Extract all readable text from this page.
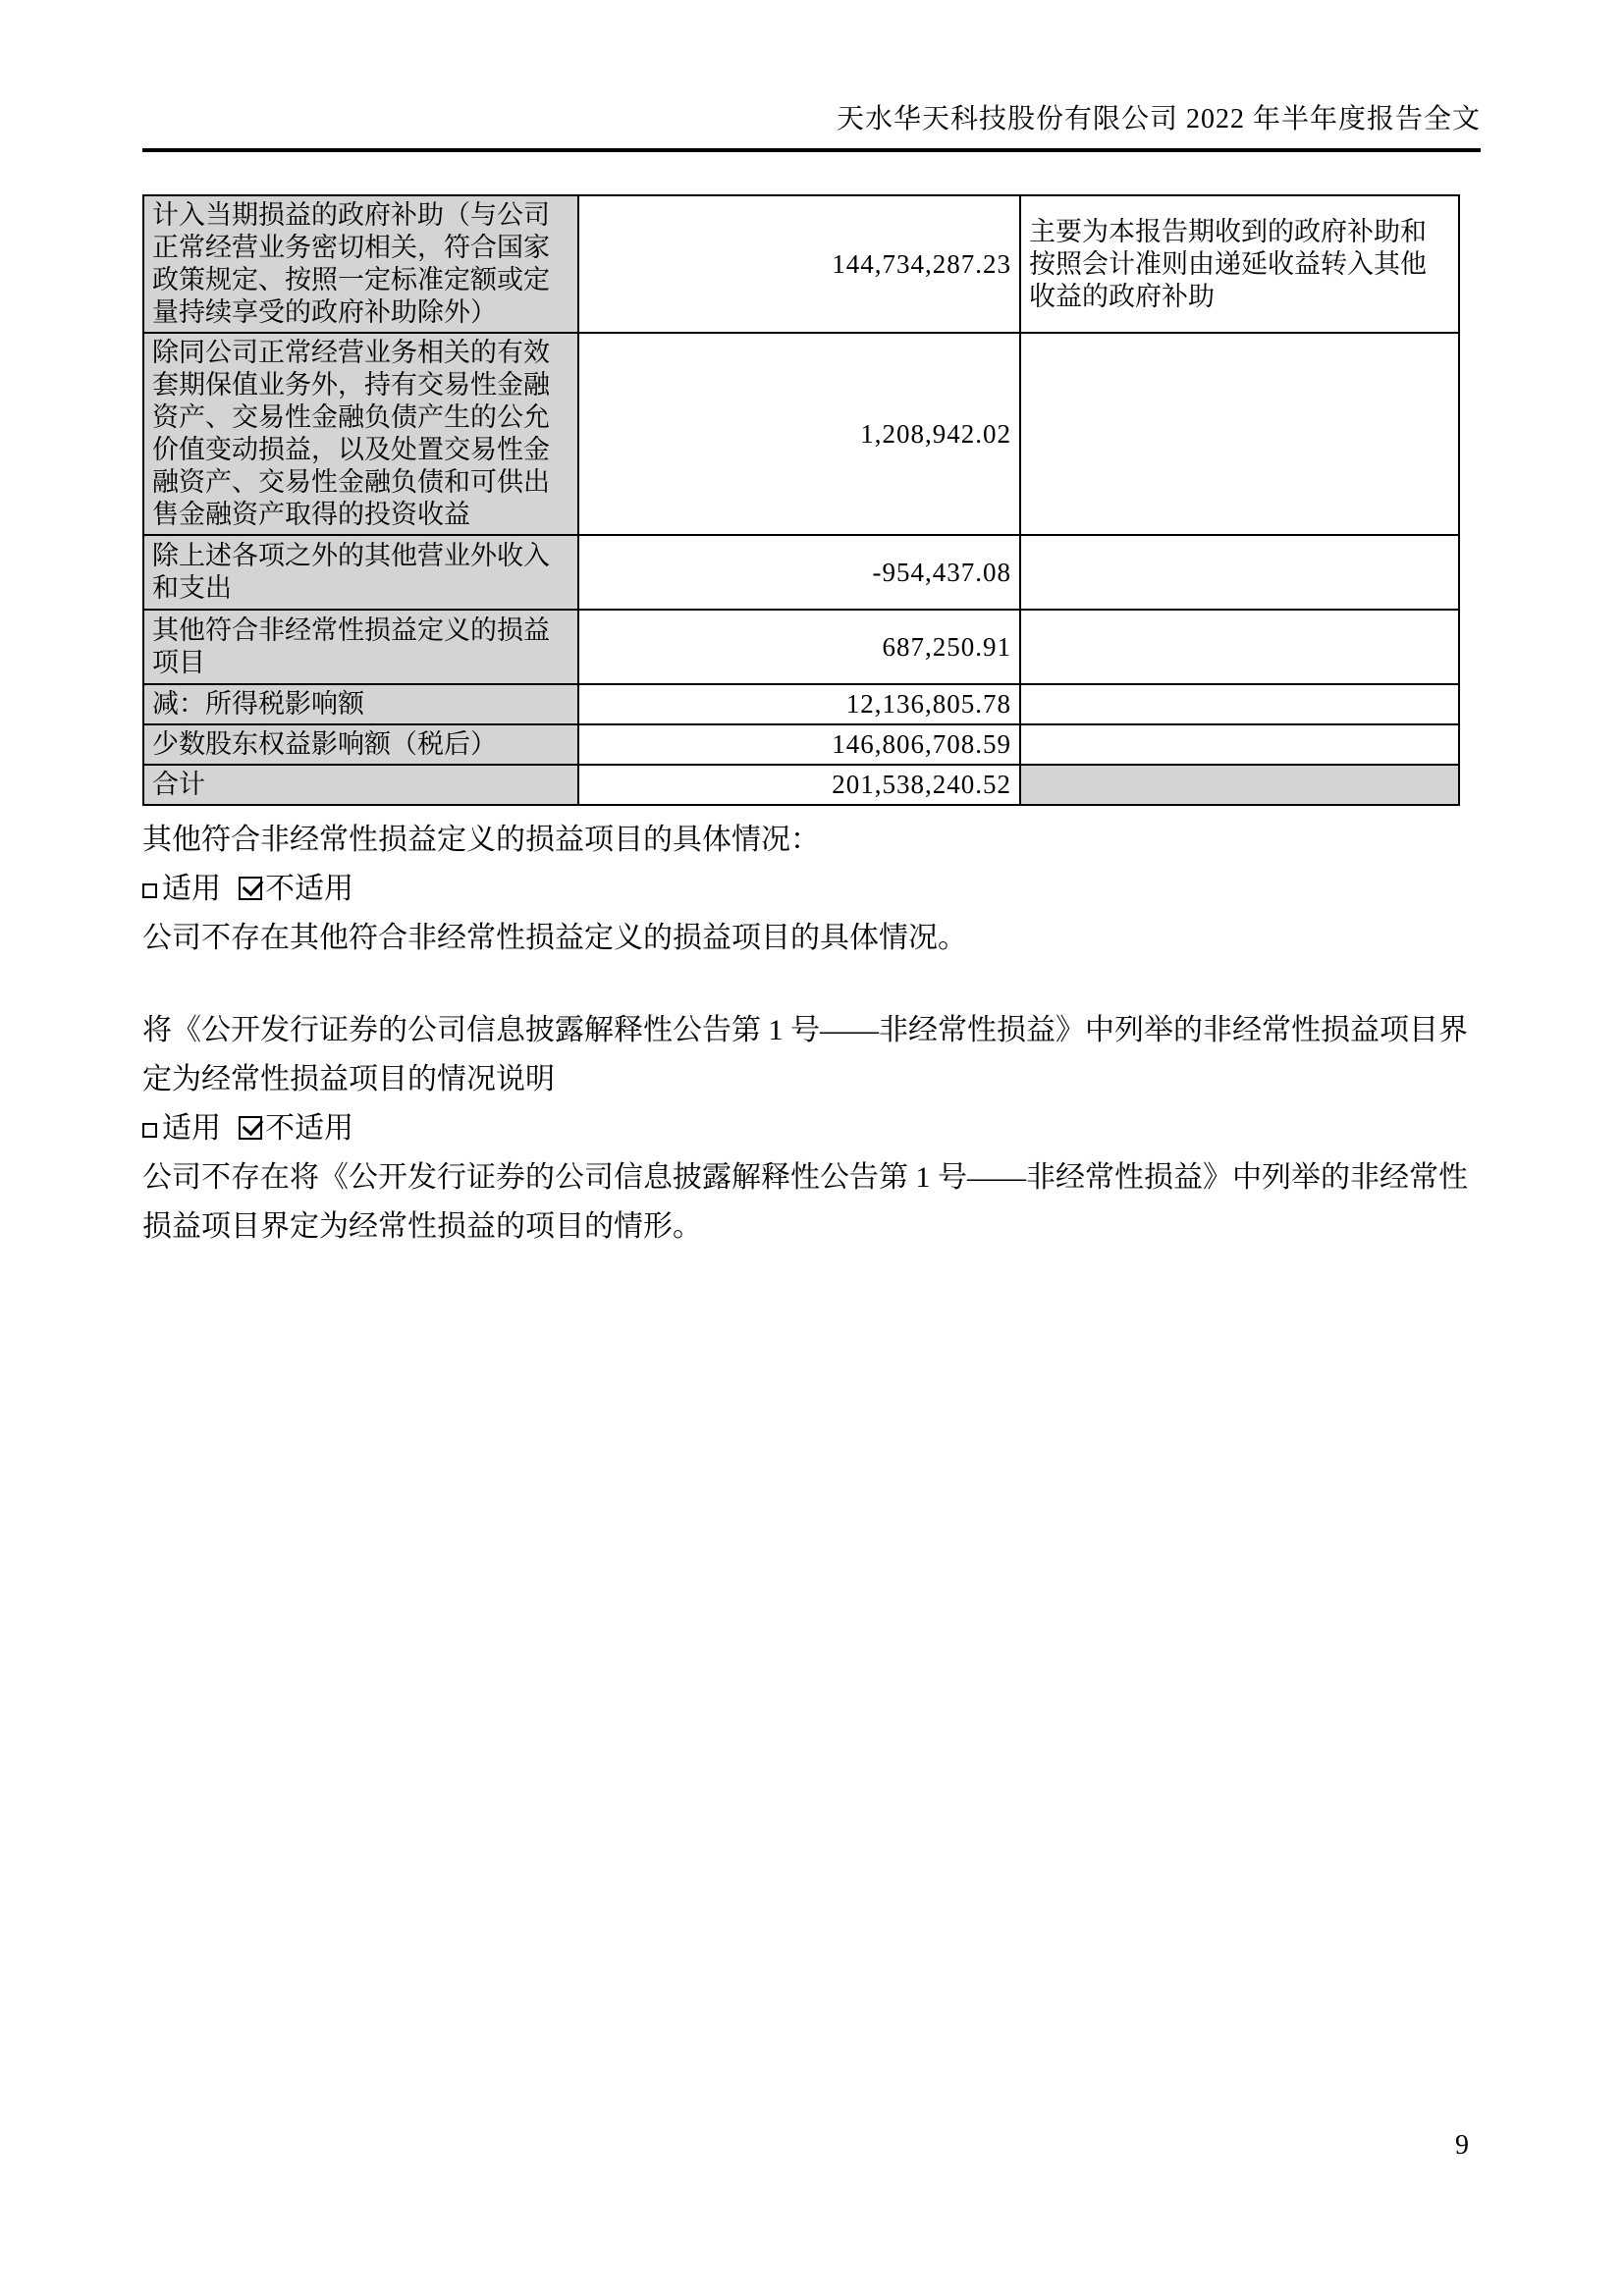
天水华天科技股份有限公司 2022 年半年度报告全文
计入当期损益的政府补助（与公司正常经营业务密切相关，符合国家政策规定、按照一定标准定额或定量持续享受的政府补助除外）	144,734,287.23	主要为本报告期收到的政府补助和按照会计准则由递延收益转入其他收益的政府补助
除同公司正常经营业务相关的有效套期保值业务外，持有交易性金融资产、交易性金融负债产生的公允价值变动损益，以及处置交易性金融资产、交易性金融负债和可供出售金融资产取得的投资收益	1,208,942.02	
除上述各项之外的其他营业外收入和支出	-954,437.08	
其他符合非经常性损益定义的损益项目	687,250.91	
减：所得税影响额	12,136,805.78	
少数股东权益影响额（税后）	146,806,708.59	
合计	201,538,240.52	

其他符合非经常性损益定义的损益项目的具体情况：

适用 不适用

公司不存在其他符合非经常性损益定义的损益项目的具体情况。

将《公开发行证券的公司信息披露解释性公告第 1 号——非经常性损益》中列举的非经常性损益项目界定为经常性损益项目的情况说明

适用 不适用

公司不存在将《公开发行证券的公司信息披露解释性公告第 1 号——非经常性损益》中列举的非经常性损益项目界定为经常性损益的项目的情形。

9
